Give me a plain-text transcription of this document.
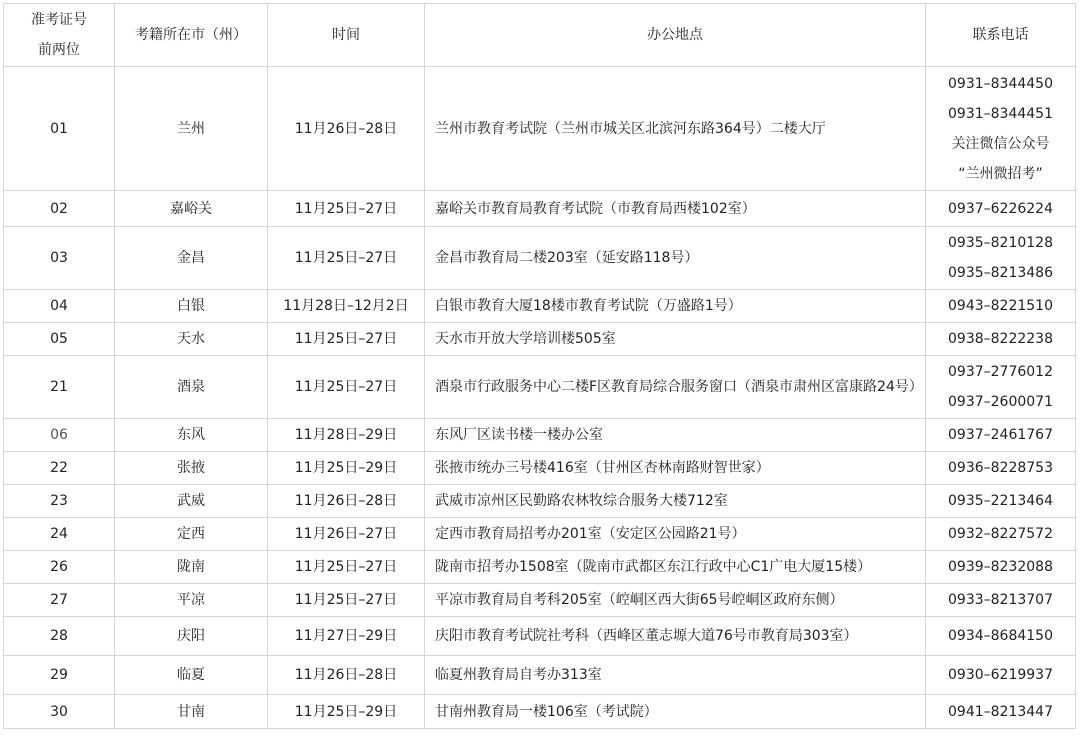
准考证号
前两位	考籍所在市（州）	时间	办公地点	联系电话
01	兰州	11月26日–28日	兰州市教育考试院（兰州市城关区北滨河东路364号）二楼大厅	0931–8344450
0931–8344451
关注微信公众号
“兰州微招考”

02	嘉峪关	11月25日–27日	嘉峪关市教育局教育考试院（市教育局西楼102室）	0937–6226224

03	金昌	11月25日–27日	金昌市教育局二楼203室（延安路118号）	0935–8210128
0935–8213486

04	白银	11月28日–12月2日	白银市教育大厦18楼市教育考试院（万盛路1号）	0943–8221510

05	天水	11月25日–27日	天水市开放大学培训楼505室	0938–8222238

21	酒泉	11月25日–27日	酒泉市行政服务中心二楼F区教育局综合服务窗口（酒泉市肃州区富康路24号）	0937–2776012
0937–2600071

06	东风	11月28日–29日	东风厂区读书楼一楼办公室	0937–2461767

22	张掖	11月25日–29日	张掖市统办三号楼416室（甘州区杏林南路财智世家）	0936–8228753

23	武威	11月26日–28日	武威市凉州区民勤路农林牧综合服务大楼712室	0935–2213464

24	定西	11月26日–27日	定西市教育局招考办201室（安定区公园路21号）	0932–8227572

26	陇南	11月25日–27日	陇南市招考办1508室（陇南市武都区东江行政中心C1广电大厦15楼）	0939–8232088

27	平凉	11月25日–27日	平凉市教育局自考科205室（崆峒区西大街65号崆峒区政府东侧）	0933–8213707

28	庆阳	11月27日–29日	庆阳市教育考试院社考科（西峰区董志塬大道76号市教育局303室）	0934–8684150

29	临夏	11月26日–28日	临夏州教育局自考办313室	0930–6219937

30	甘南	11月25日–29日	甘南州教育局一楼106室（考试院）	0941–8213447
